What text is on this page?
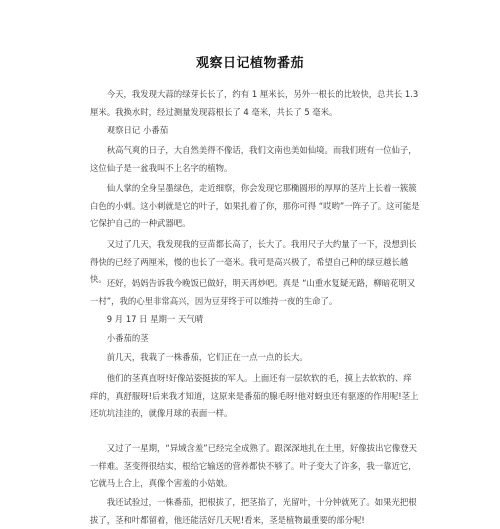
观察日记植物番茄
今天，我发现大蒜的绿芽长长了，约有 1 厘米长，另外一根长的比较快，总共长 1.3 厘米。我换水时，经过测量发现蒜根长了 4 毫米，共长了 5 毫米。
观察日记 小番茄
秋高气爽的日子，大自然美得不像话，我们文南也美如仙境。而我们班有一位仙子，这位仙子是一盆我叫不上名字的植物。
仙人掌的全身呈墨绿色，走近细察，你会发现它那椭圆形的厚厚的茎片上长着一簇簇白色的小刺。这小刺就是它的叶子，如果扎着了你，那你可得 “哎哟”一阵子了。这可能是它保护自己的一种武器吧。
又过了几天，我发现我的豆苗都长高了，长大了。我用尺子大约量了一下，没想到长得快的已经了两厘米，慢的也长了一毫米。我可是高兴极了，希望自己种的绿豆越长越快。 还好，妈妈告诉我今晚饭已做好，明天再炒吧。真是 “山重水复疑无路，柳暗花明又一村”，我的心里非常高兴，因为豆芽终于可以维持一夜的生命了。
9 月 17 日 星期一 天气晴
小番茄的茎
前几天，我栽了一株番茄，它们正在一点一点的长大。
他们的茎真直呀!好像站姿挺拔的军人。上面还有一层软软的毛，摸上去软软的、痒痒的，真舒服呀!后来我才知道，这原来是番茄的腺毛呀!他对蚜虫还有驱逐的作用呢!茎上还坑坑洼洼的，就像月球的表面一样。
又过了一星期，“异域含羞”已经完全成熟了。跟深深地扎在土里，好像拔出它像登天一样难。茎变得很结实，根给它输送的营养都快不够了。叶子变大了许多，我一靠近它，它就马上合上，真像个害羞的小姑娘。
我还试验过，一株番茄，把根拔了，把茎掐了，光留叶，十分钟就死了。如果光把根拔了，茎和叶都留着，他还能活好几天呢!看来，茎是植物最重要的部分呢!
